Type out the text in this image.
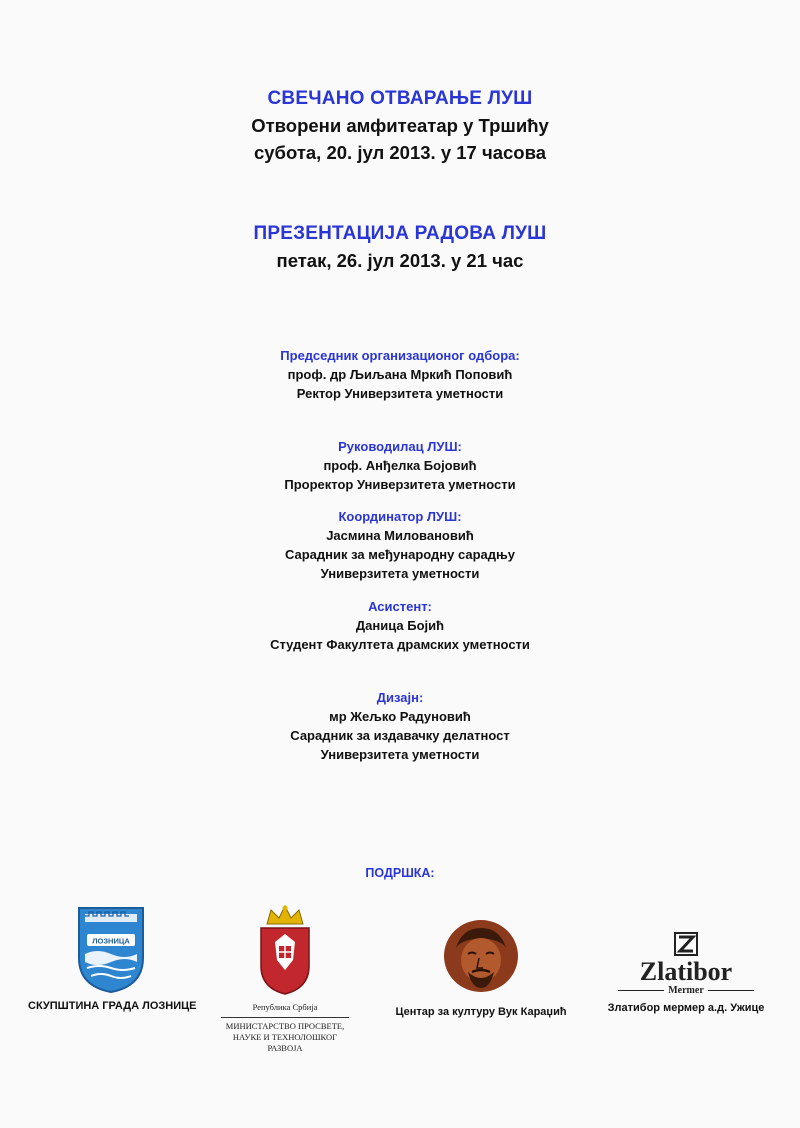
СВЕЧАНО ОТВАРАЊЕ ЛУШ
Отворени амфитеатар у Тршићу
субота, 20. јул 2013. у 17 часова
ПРЕЗЕНТАЦИЈА РАДОВА ЛУШ
петак, 26. јул 2013. у 21 час
Председник организационог одбора:
проф. др Љиљана Мркић Поповић
Ректор Универзитета уметности
Руководилац ЛУШ:
проф. Анђелка Бојовић
Проректор Универзитета уметности
Координатор ЛУШ:
Јасмина Миловановић
Сарадник за међународну сарадњу
Универзитета уметности
Асистент:
Даница Бојић
Студент Факултета драмских уметности
Дизајн:
мр Жељко Радуновић
Сарадник за издавачку делатност
Универзитета уметности
ПОДРШКА:
ЛОЗНИЦА
СКУПШТИНА ГРАДА ЛОЗНИЦЕ	Република Србија
МИНИСТАРСТВО ПРОСВЕТЕ,
НАУКЕ И ТЕХНОЛОШКОГ
РАЗВОЈА
Центар за културу Вук Караџић
Zlatibor
Mermer
Златибор мермер а.д. Ужице
